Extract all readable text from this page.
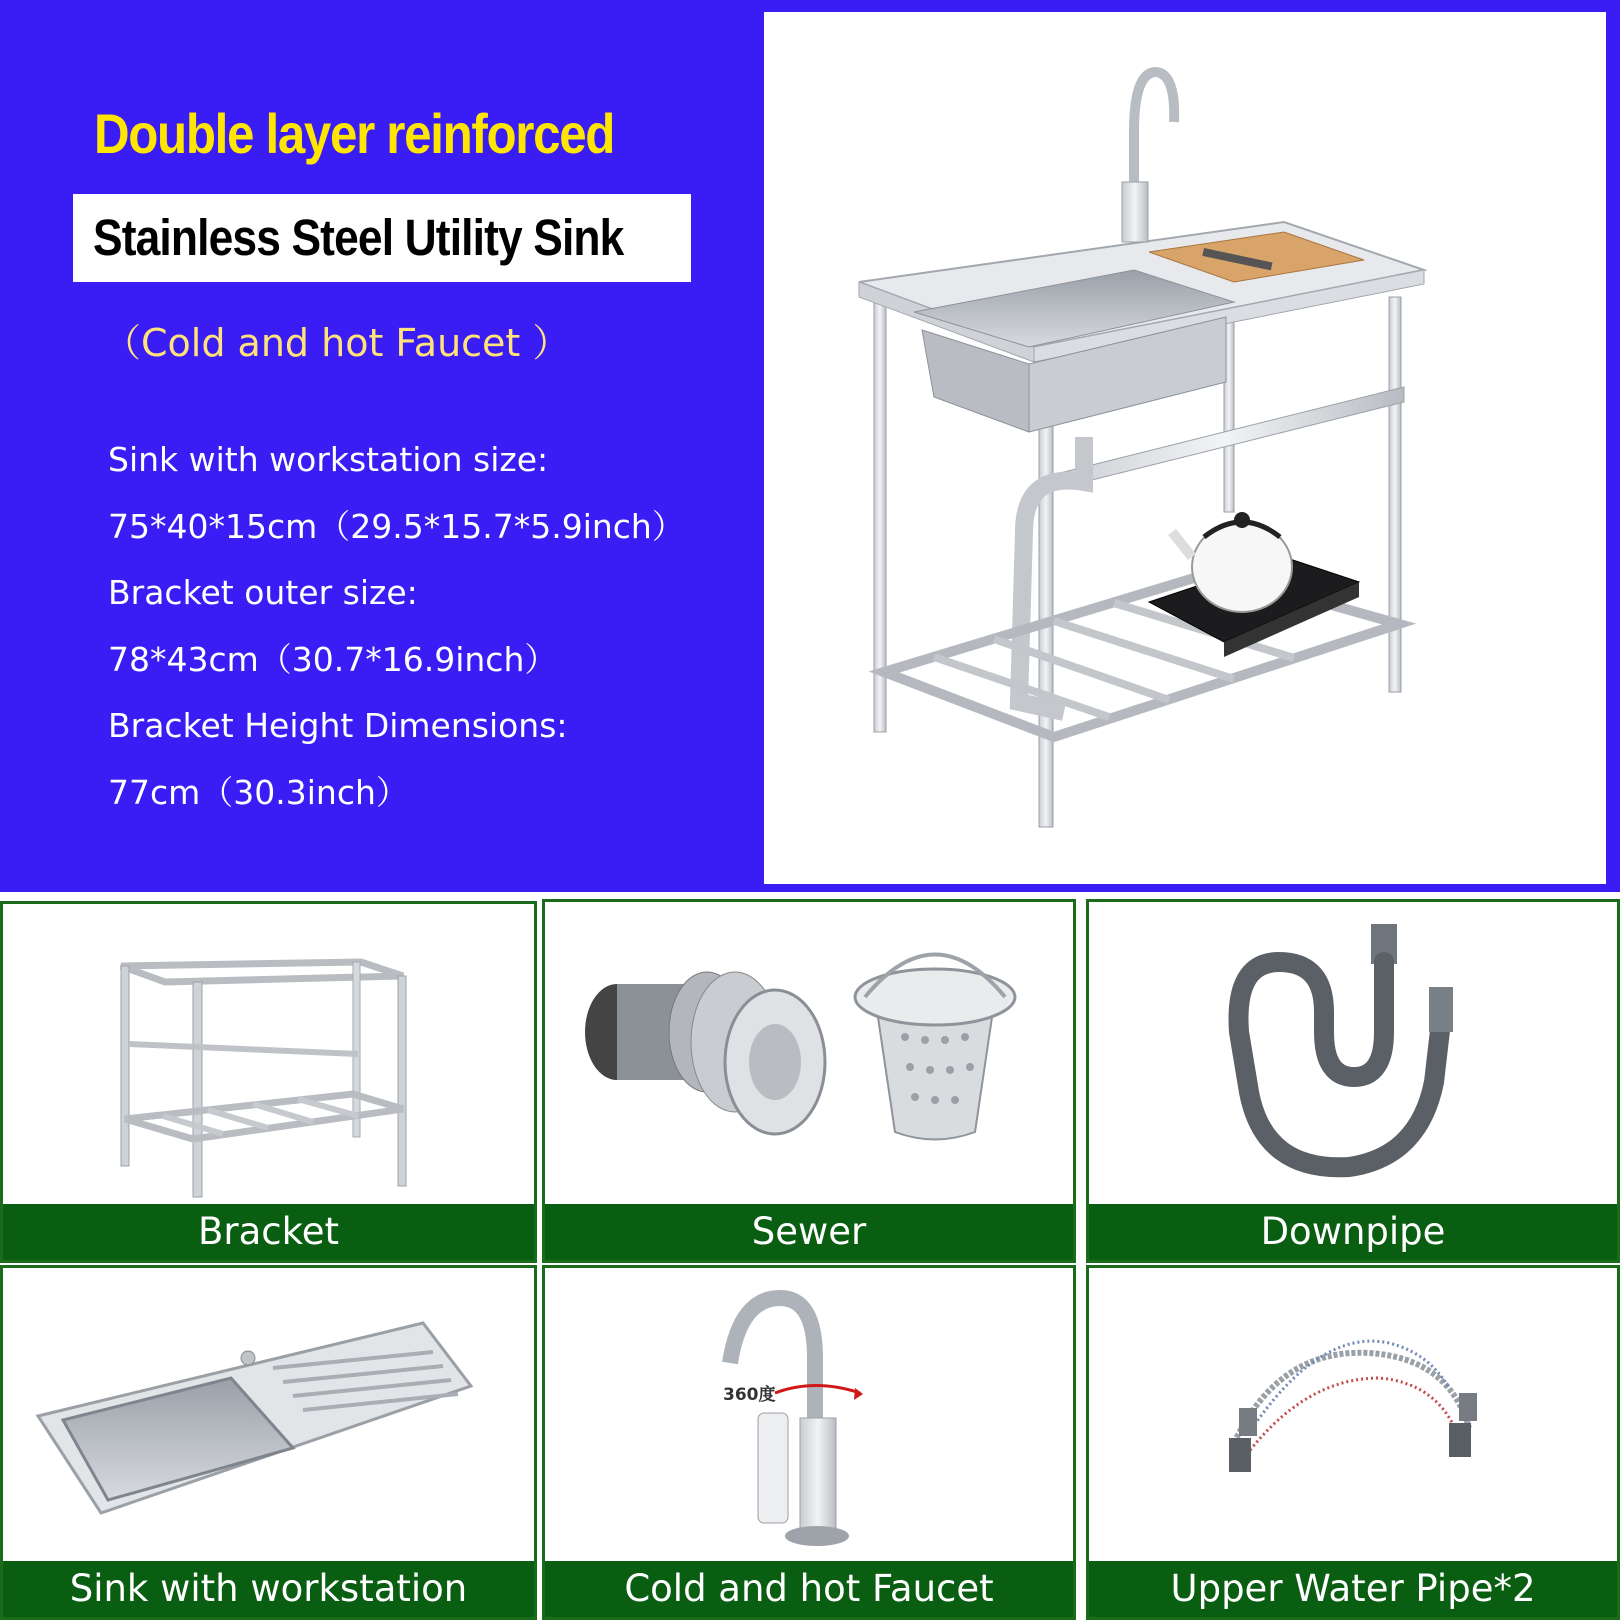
Double layer reinforced
Stainless Steel Utility Sink
（Cold and hot Faucet ）
Sink with workstation size:
75*40*15cm（29.5*15.7*5.9inch）
Bracket outer size:
78*43cm（30.7*16.9inch）
Bracket Height Dimensions:
77cm（30.3inch）
Bracket	Sewer	Downpipe
Sink with workstation
360度
Cold and hot Faucet	Upper Water Pipe*2
